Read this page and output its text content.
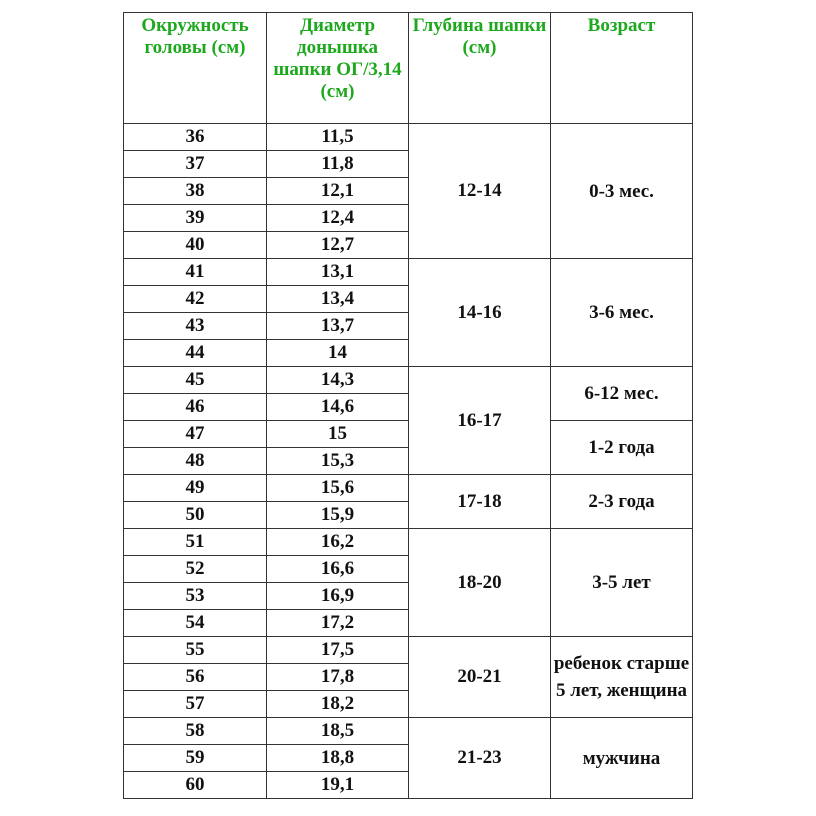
Окружность головы (см)	Диаметр донышка шапки ОГ/3,14 (см)	Глубина шапки (см)	Возраст
36	11,5	12-14	0-3 мес.
37	11,8		
38	12,1		
39	12,4		
40	12,7		
41	13,1	14-16	3-6 мес.
42	13,4		
43	13,7		
44	14		
45	14,3	16-17	6-12 мес.
46	14,6		
47	15		1-2 года
48	15,3		
49	15,6	17-18	2-3 года
50	15,9		
51	16,2	18-20	3-5 лет
52	16,6		
53	16,9		
54	17,2		
55	17,5	20-21	ребенок старше 5 лет, женщина
56	17,8		
57	18,2		
58	18,5	21-23	мужчина
59	18,8		
60	19,1		
